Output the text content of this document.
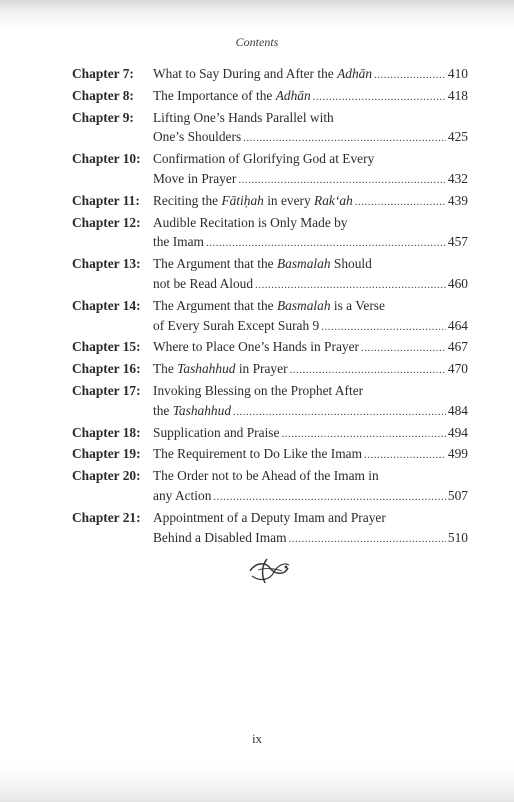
Contents
Chapter 7:	What to Say During and After the Adhān .....	410
Chapter 8:	The Importance of the Adhān .....	418
Chapter 9:	Lifting One’s Hands Parallel with
One’s Shoulders .....	425
Chapter 10: Confirmation of Glorifying God at Every
Move in Prayer .....	432
Chapter 11: Reciting the Fātiḥah in every Rak‘ah .....	439
Chapter 12: Audible Recitation is Only Made by
the Imam .....	457
Chapter 13: The Argument that the Basmalah Should
not be Read Aloud .....	460
Chapter 14: The Argument that the Basmalah is a Verse
of Every Surah Except Surah 9 .....	464
Chapter 15: Where to Place One’s Hands in Prayer .....	467
Chapter 16: The Tashahhud in Prayer .....	470
Chapter 17: Invoking Blessing on the Prophet After
the Tashahhud .....	484
Chapter 18: Supplication and Praise .....	494
Chapter 19: The Requirement to Do Like the Imam .....	499
Chapter 20: The Order not to be Ahead of the Imam in
any Action .....	507
Chapter 21: Appointment of a Deputy Imam and Prayer
Behind a Disabled Imam .....	510
ix
